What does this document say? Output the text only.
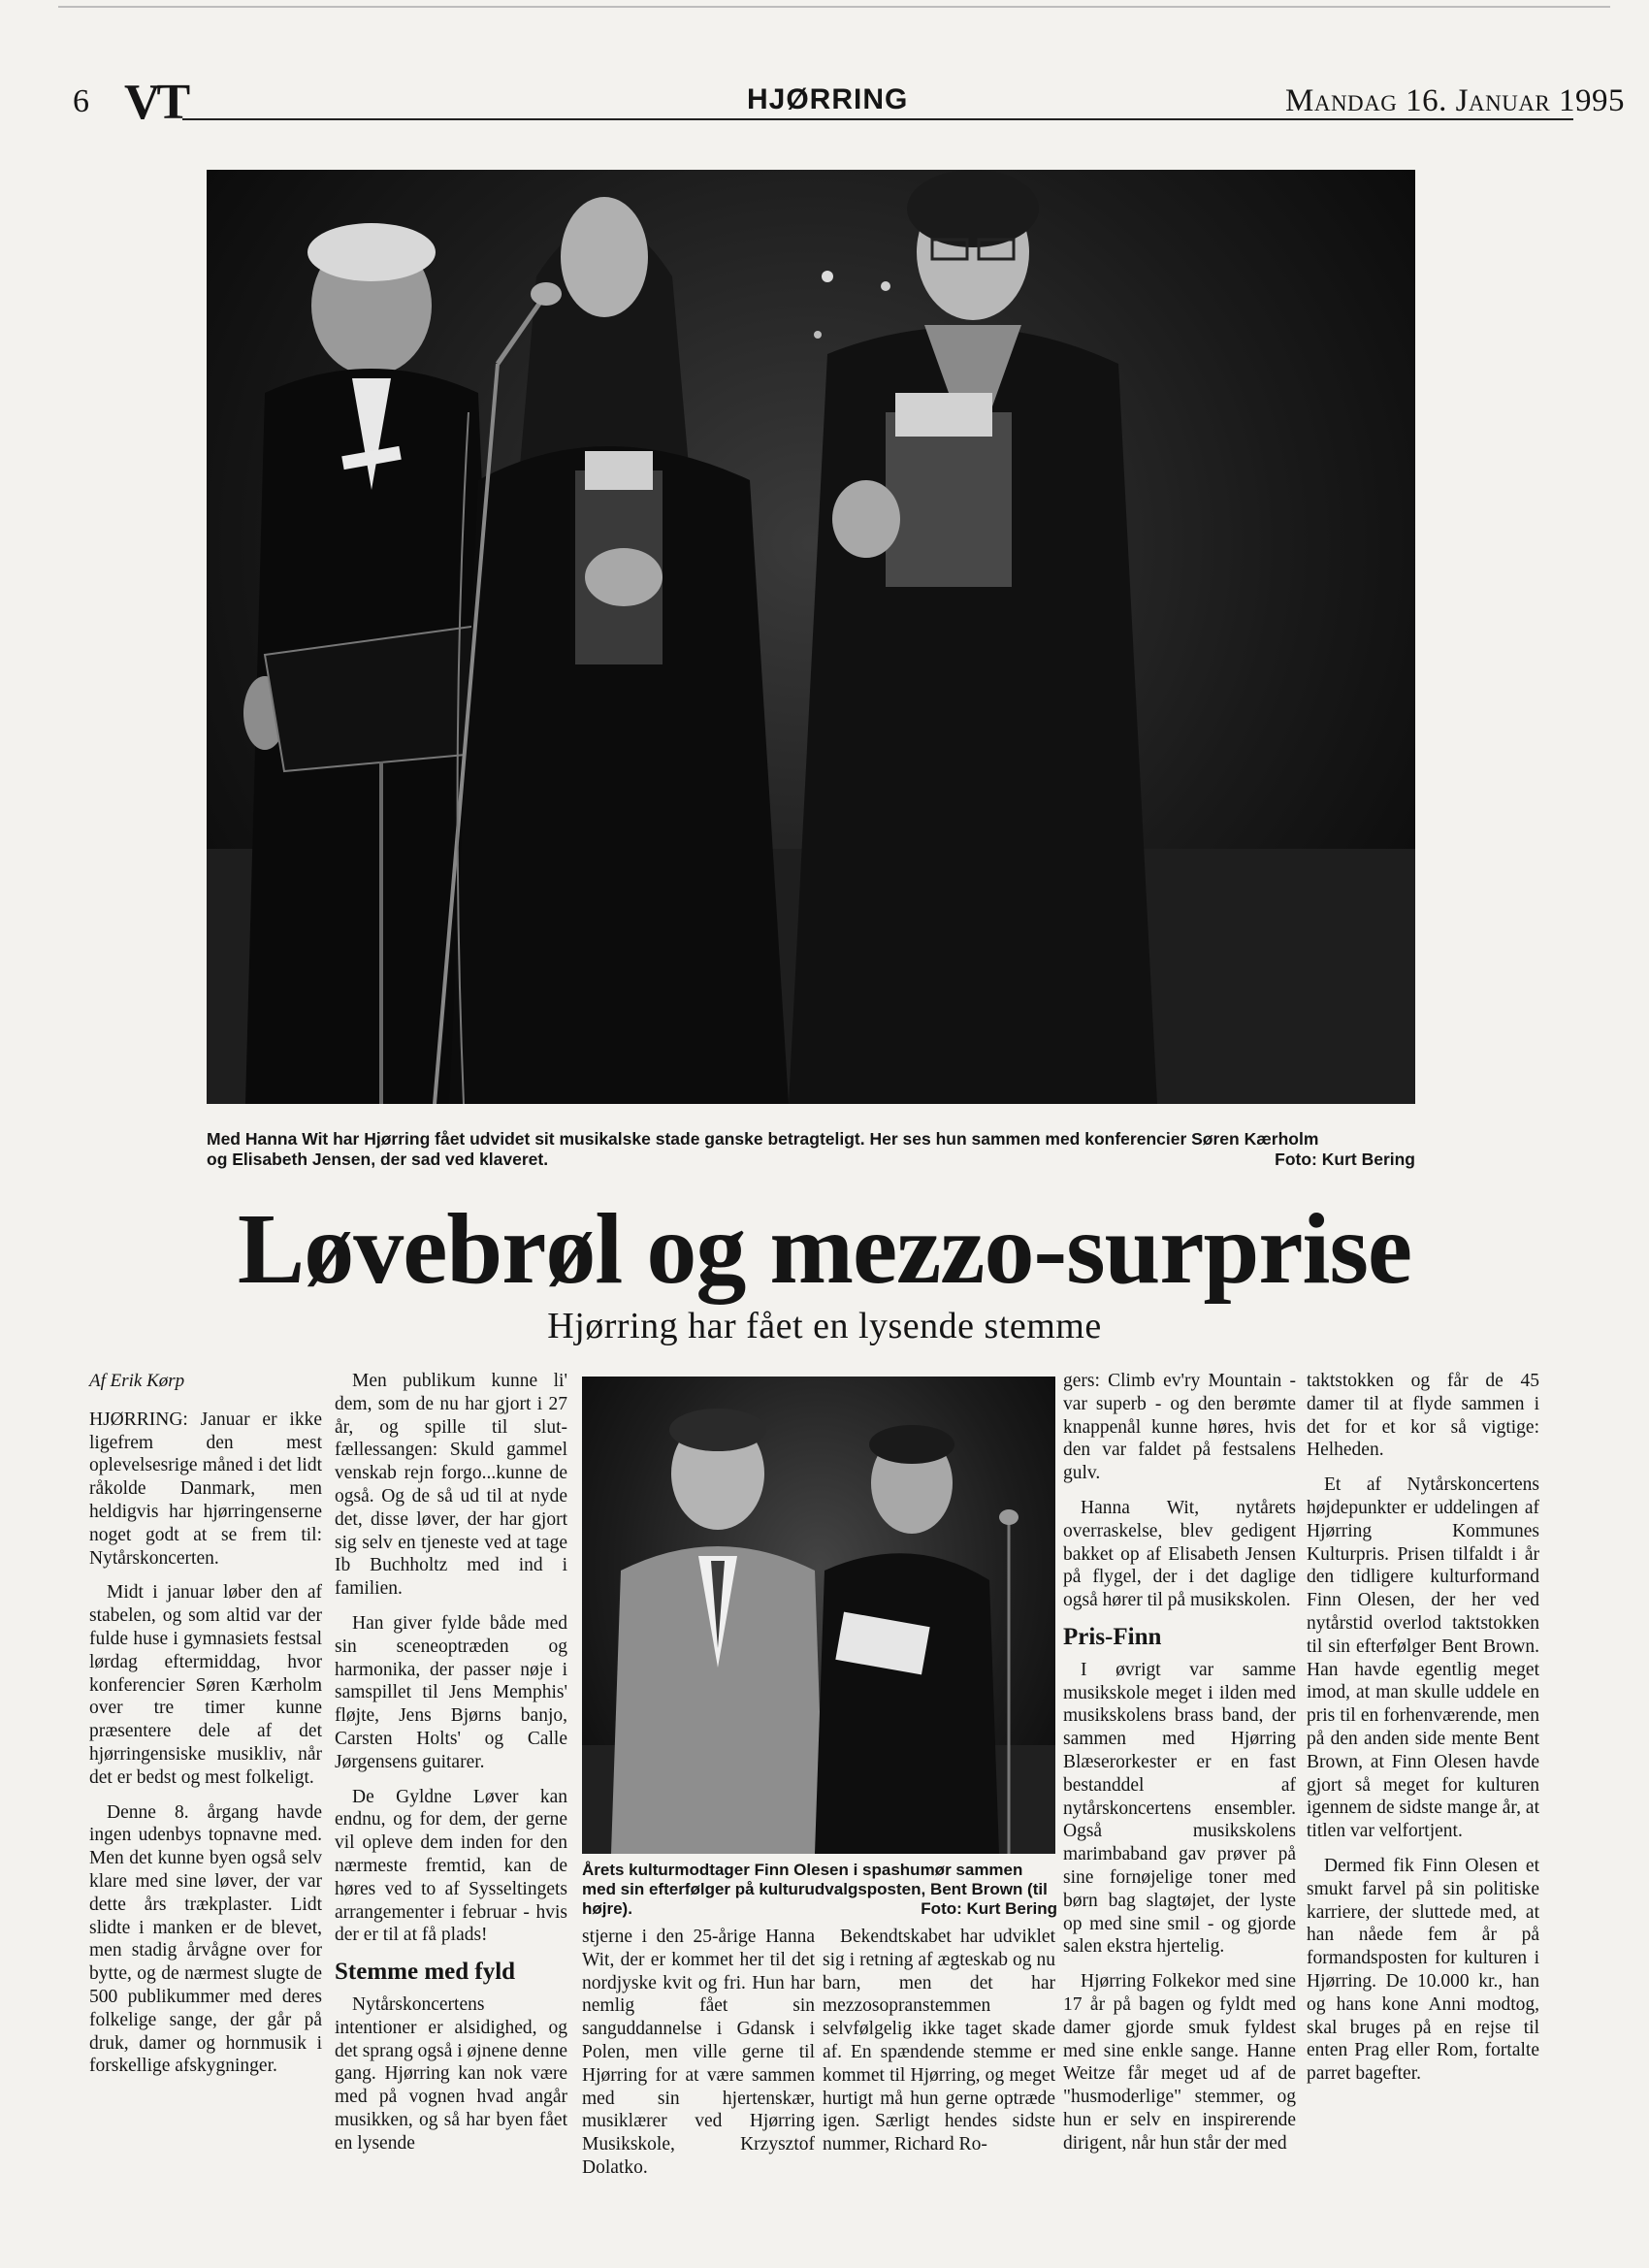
6 VT	HJØRRING	Mandag 16. Januar 1995
Med Hanna Wit har Hjørring fået udvidet sit musikalske stade ganske betragteligt. Her ses hun sammen med konferencier Søren Kærholm
og Elisabeth Jensen, der sad ved klaveret.	Foto: Kurt Bering
Løvebrøl og mezzo-surprise
Hjørring har fået en lysende stemme
Af Erik Kørp

HJØRRING: Januar er ikke ligefrem den mest oplevelsesrige måned i det lidt råkolde Danmark, men heldigvis har hjørringenserne noget godt at se frem til: Nytårskoncerten.

Midt i januar løber den af stabelen, og som altid var der fulde huse i gymnasiets festsal lørdag eftermiddag, hvor konferencier Søren Kærholm over tre timer kunne præsentere dele af det hjørringensiske musikliv, når det er bedst og mest folkeligt.

Denne 8. årgang havde ingen udenbys topnavne med. Men det kunne byen også selv klare med sine løver, der var dette års trækplaster. Lidt slidte i manken er de blevet, men stadig årvågne over for bytte, og de nærmest slugte de 500 publikummer med deres folkelige sange, der går på druk, damer og hornmusik i forskellige afskygninger.

Men publikum kunne li' dem, som de nu har gjort i 27 år, og spille til slut-fællessangen: Skuld gammel venskab rejn forgo...kunne de også. Og de så ud til at nyde det, disse løver, der har gjort sig selv en tjeneste ved at tage Ib Buchholtz med ind i familien.

Han giver fylde både med sin sceneoptræden og harmonika, der passer nøje i samspillet til Jens Memphis' fløjte, Jens Bjørns banjo, Carsten Holts' og Calle Jørgensens guitarer.

De Gyldne Løver kan endnu, og for dem, der gerne vil opleve dem inden for den nærmeste fremtid, kan de høres ved to af Sysseltingets arrangementer i februar - hvis der er til at få plads!

Stemme med fyld

Nytårskoncertens intentioner er alsidighed, og det sprang også i øjnene denne gang. Hjørring kan nok være med på vognen hvad angår musikken, og så har byen fået en lysende

Årets kulturmodtager Finn Olesen i spashumør sammen med sin efterfølger på kulturudvalgsposten, Bent Brown (til højre).	Foto: Kurt Bering

stjerne i den 25-årige Hanna Wit, der er kommet her til det nordjyske kvit og fri. Hun har nemlig fået sin sanguddannelse i Gdansk i Polen, men ville gerne til Hjørring for at være sammen med sin hjertenskær, musiklærer ved Hjørring Musikskole, Krzysztof Dolatko.

Bekendtskabet har udviklet sig i retning af ægteskab og nu barn, men det har mezzosopranstemmen selvfølgelig ikke taget skade af. En spændende stemme er kommet til Hjørring, og meget hurtigt må hun gerne optræde igen. Særligt hendes sidste nummer, Richard Ro-

gers: Climb ev'ry Mountain - var superb - og den berømte knappenål kunne høres, hvis den var faldet på festsalens gulv.

Hanna Wit, nytårets overraskelse, blev gedigent bakket op af Elisabeth Jensen på flygel, der i det daglige også hører til på musikskolen.

Pris-Finn

I øvrigt var samme musikskole meget i ilden med musikskolens brass band, der sammen med Hjørring Blæserorkester er en fast bestanddel af nytårskoncertens ensembler. Også musikskolens marimbaband gav prøver på sine fornøjelige toner med børn bag slagtøjet, der lyste op med sine smil - og gjorde salen ekstra hjertelig.

Hjørring Folkekor med sine 17 år på bagen og fyldt med damer gjorde smuk fyldest med sine enkle sange. Hanne Weitze får meget ud af de "husmoderlige" stemmer, og hun er selv en inspirerende dirigent, når hun står der med

taktstokken og får de 45 damer til at flyde sammen i det for et kor så vigtige: Helheden.

Et af Nytårskoncertens højdepunkter er uddelingen af Hjørring Kommunes Kulturpris. Prisen tilfaldt i år den tidligere kulturformand Finn Olesen, der her ved nytårstid overlod taktstokken til sin efterfølger Bent Brown. Han havde egentlig meget imod, at man skulle uddele en pris til en forhenværende, men på den anden side mente Bent Brown, at Finn Olesen havde gjort så meget for kulturen igennem de sidste mange år, at titlen var velfortjent.

Dermed fik Finn Olesen et smukt farvel på sin politiske karriere, der sluttede med, at han nåede fem år på formandsposten for kulturen i Hjørring. De 10.000 kr., han og hans kone Anni modtog, skal bruges på en rejse til enten Prag eller Rom, fortalte parret bagefter.
